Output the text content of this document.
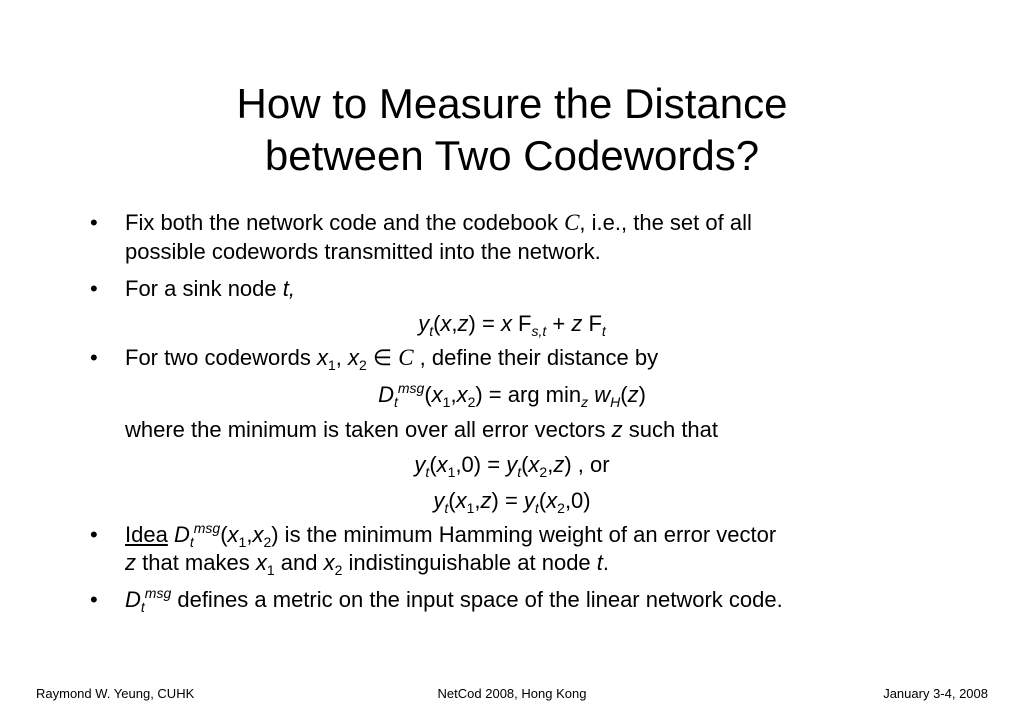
How to Measure the Distance
between Two Codewords?
• Fix both the network code and the codebook C, i.e., the set of all
possible codewords transmitted into the network.
• For a sink node t,
$y_t(x,z) = x$ $F_{s,t} + z$ $F_t$
• For two codewords $x_1$, $x_2$ ∈ C , define their distance by
$D_t^{msg}(x_1,x_2)$ = arg $\min_z w_H(z)$
where the minimum is taken over all error vectors z such that
$y_t(x_1,0) = y_t(x_2,z)$ , or
$y_t(x_1,z) = y_t(x_2,0)$
• Idea $D_t^{msg}(x_1,x_2)$ is the minimum Hamming weight of an error vector
z that makes $x_1$ and $x_2$ indistinguishable at node t.
• $D_t^{msg}$ defines a metric on the input space of the linear network code.
Raymond W. Yeung, CUHK	NetCod 2008, Hong Kong	January 3-4, 2008
